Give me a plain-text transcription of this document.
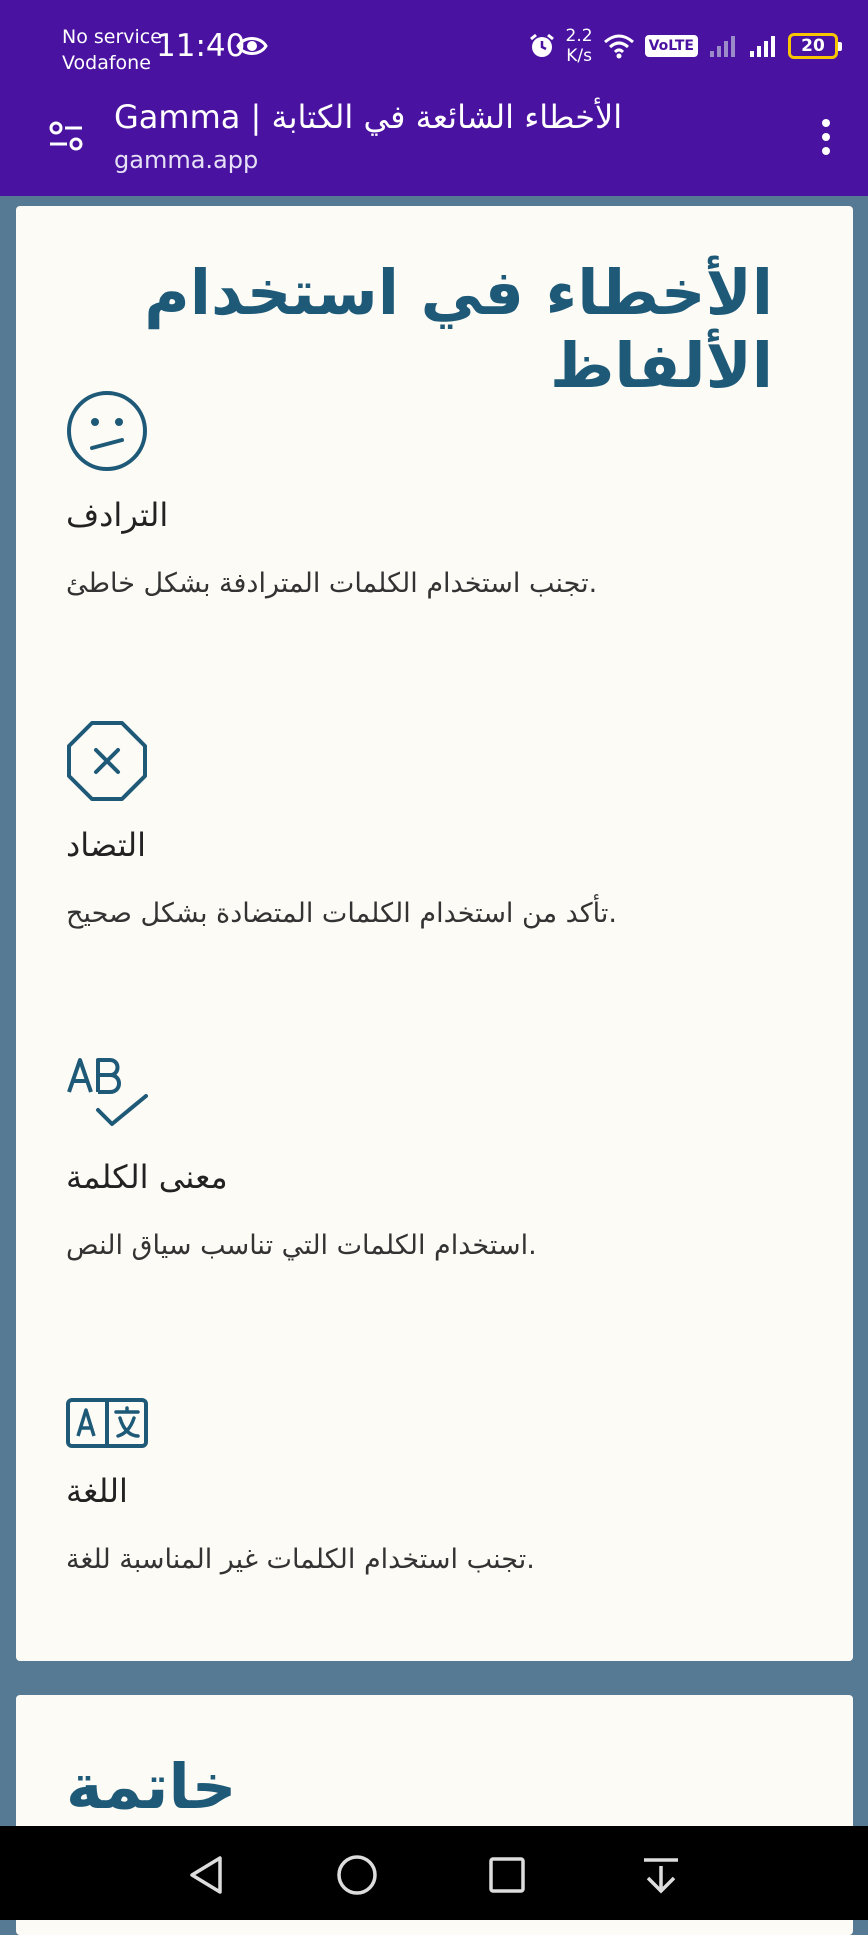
No service
Vodafone 11:40	2.2
K/s	VoLTE	20
Gamma | الأخطاء الشائعة في الكتابة
gamma.app
الأخطاء في استخدام الألفاظ
الترادف
تجنب استخدام الكلمات المترادفة بشكل خاطئ.
التضاد
تأكد من استخدام الكلمات المتضادة بشكل صحيح.
معنى الكلمة
استخدام الكلمات التي تناسب سياق النص.
اللغة
تجنب استخدام الكلمات غير المناسبة للغة.
خاتمة
